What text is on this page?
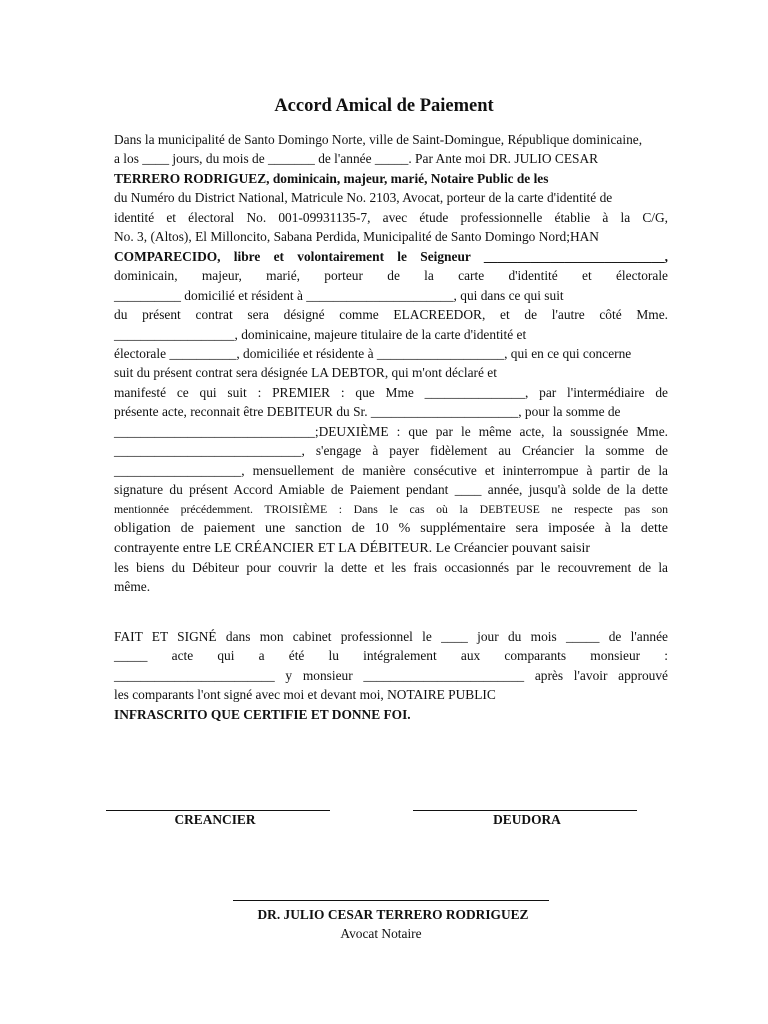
Accord Amical de Paiement

Dans la municipalité de Santo Domingo Norte, ville de Saint-Domingue, République dominicaine,
a los ____ jours, du mois de _______ de l'année _____. Par Ante moi DR. JULIO CESAR
TERRERO RODRIGUEZ, dominicain, majeur, marié, Notaire Public de les
du Numéro du District National, Matricule No. 2103, Avocat, porteur de la carte d'identité de
identité et électoral No. 001-09931135-7, avec étude professionnelle établie à la C/G,
No. 3, (Altos), El Milloncito, Sabana Perdida, Municipalité de Santo Domingo Nord;HAN
COMPARECIDO, libre et volontairement le Seigneur ___________________________,
dominicain, majeur, marié, porteur de la carte d'identité et électorale
__________ domicilié et résident à ______________________, qui dans ce qui suit
du présent contrat sera désigné comme ELACREEDOR, et de l'autre côté Mme.
__________________, dominicaine, majeure titulaire de la carte d'identité et
électorale __________, domiciliée et résidente à ___________________, qui en ce qui concerne
suit du présent contrat sera désignée LA DEBTOR, qui m'ont déclaré et
manifesté ce qui suit : PREMIER : que Mme _______________, par l'intermédiaire de
présente acte, reconnait être DEBITEUR du Sr. ______________________, pour la somme de
______________________________;DEUXIÈME : que par le même acte, la soussignée Mme.
____________________________, s'engage à payer fidèlement au Créancier la somme de
___________________, mensuellement de manière consécutive et ininterrompue à partir de la
signature du présent Accord Amiable de Paiement pendant ____ année, jusqu'à solde de la dette
mentionnée précédemment. TROISIÈME : Dans le cas où la DEBTEUSE ne respecte pas son
obligation de paiement une sanction de 10 % supplémentaire sera imposée à la dette
contrayente entre LE CRÉANCIER ET LA DÉBITEUR. Le Créancier pouvant saisir
les biens du Débiteur pour couvrir la dette et les frais occasionnés par le recouvrement de la
même.

FAIT ET SIGNÉ dans mon cabinet professionnel le ____ jour du mois _____ de l'année
_____ acte qui a été lu intégralement aux comparants monsieur :
________________________ y monsieur ________________________ après l'avoir approuvé
les comparants l'ont signé avec moi et devant moi, NOTAIRE PUBLIC
INFRASCRITO QUE CERTIFIE ET DONNE FOI.

CREANCIER	DEUDORA
DR. JULIO CESAR TERRERO RODRIGUEZ
Avocat Notaire
